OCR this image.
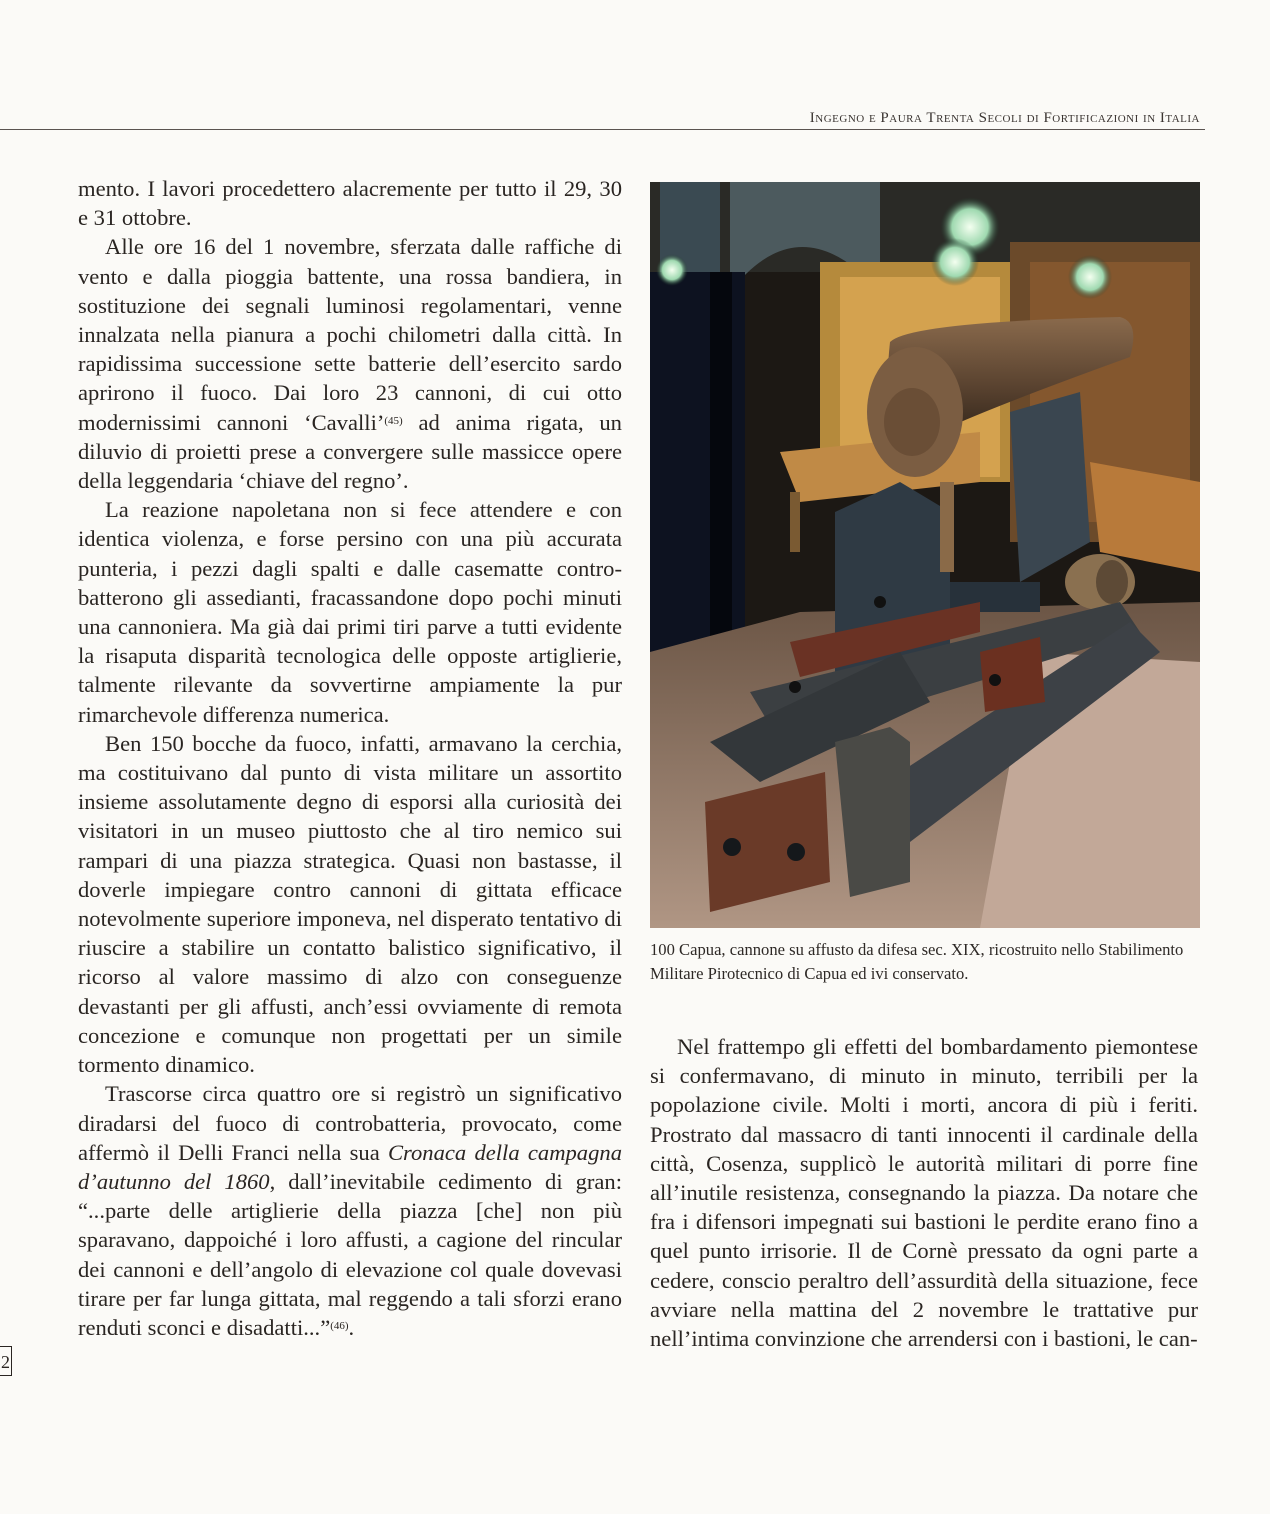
Ingegno e Paura Trenta Secoli di Fortificazioni in Italia

mento. I lavori procedettero alacremente per tutto il 29, 30 e 31 ottobre.

Alle ore 16 del 1 novembre, sferzata dalle raffiche di vento e dalla pioggia battente, una rossa bandiera, in sostituzione dei segnali luminosi regolamentari, venne innalzata nella pianura a pochi chilometri dalla città. In rapidissima successione sette batterie dell’esercito sardo aprirono il fuoco. Dai loro 23 cannoni, di cui otto modernissimi cannoni ‘Cavalli’$^{(45)}$ ad anima rigata, un diluvio di proietti prese a convergere sulle massicce opere della leggendaria ‘chiave del regno’.

La reazione napoletana non si fece attendere e con identica violenza, e forse persino con una più accurata punteria, i pezzi dagli spalti e dalle casematte controbatterono gli assedianti, fracassandone dopo pochi minuti una cannoniera. Ma già dai primi tiri parve a tutti evidente la risaputa disparità tecnologica delle opposte artiglierie, talmente rilevante da sovvertirne ampiamente la pur rimarchevole differenza numerica.

Ben 150 bocche da fuoco, infatti, armavano la cerchia, ma costituivano dal punto di vista militare un assortito insieme assolutamente degno di esporsi alla curiosità dei visitatori in un museo piuttosto che al tiro nemico sui rampari di una piazza strategica. Quasi non bastasse, il doverle impiegare contro cannoni di gittata efficace notevolmente superiore imponeva, nel disperato tentativo di riuscire a stabilire un contatto balistico significativo, il ricorso al valore massimo di alzo con conseguenze devastanti per gli affusti, anch’essi ovviamente di remota concezione e comunque non progettati per un simile tormento dinamico.

Trascorse circa quattro ore si registrò un significativo diradarsi del fuoco di controbatteria, provocato, come affermò il Delli Franci nella sua Cronaca della campagna d’autunno del 1860, dall’inevitabile cedimento di gran: “...parte delle artiglierie della piazza [che] non più sparavano, dappoiché i loro affusti, a cagione del rincular dei cannoni e dell’angolo di elevazione col quale dovevasi tirare per far lunga gittata, mal reggendo a tali sforzi erano renduti sconci e disadatti...”$^{(46)}$.

100 Capua, cannone su affusto da difesa sec. XIX, ricostruito nello Stabilimento Militare Pirotecnico di Capua ed ivi conservato.

Nel frattempo gli effetti del bombardamento piemontese si confermavano, di minuto in minuto, terribili per la popolazione civile. Molti i morti, ancora di più i feriti. Prostrato dal massacro di tanti innocenti il cardinale della città, Cosenza, supplicò le autorità militari di porre fine all’inutile resistenza, consegnando la piazza. Da notare che fra i difensori impegnati sui bastioni le perdite erano fino a quel punto irrisorie. Il de Cornè pressato da ogni parte a cedere, conscio peraltro dell’assurdità della situazione, fece avviare nella mattina del 2 novembre le trattative pur nell’intima convinzione che arrendersi con i bastioni, le can-

2
